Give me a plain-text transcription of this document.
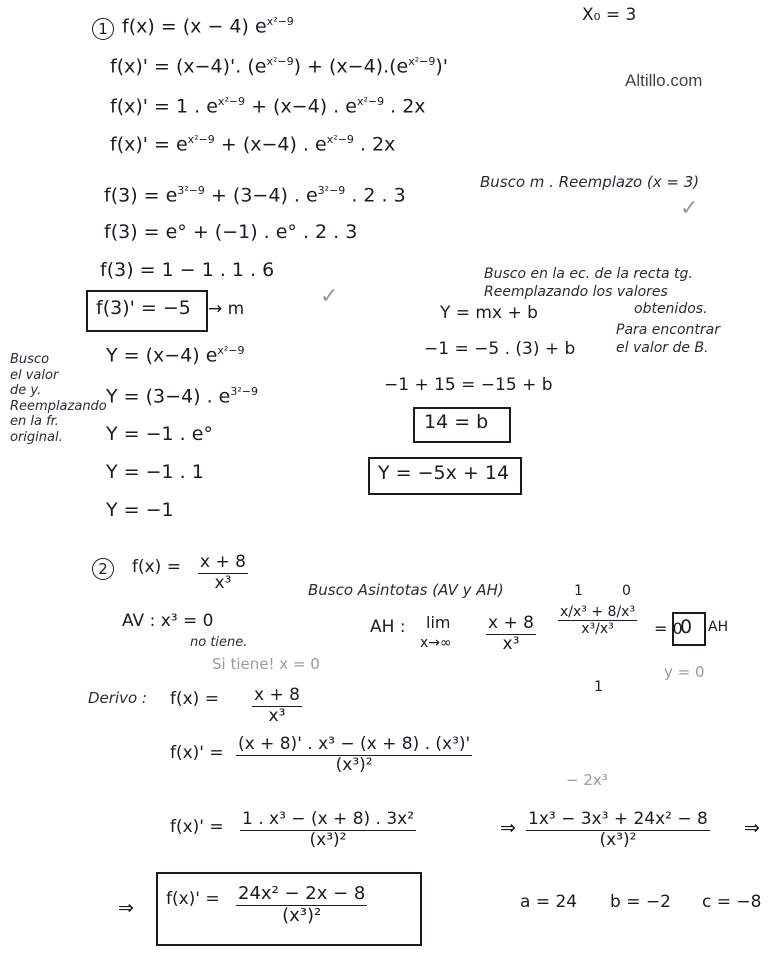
X₀ = 3
Altillo.com
1 f(x) = (x − 4) $e^{x^2-9}$
f(x)' = (x−4)'. $(e^{x^2-9}) + (x-4).(e^{x^2-9})'$
f(x)' = 1 . $e^{x^2-9} + (x-4)$ . $e^{x^2-9}$ . 2x
$f(x)' = e^{x^2-9} + (x-4)$ . $e^{x^2-9}$ . 2x
$f(3) = e^{3^2-9} + (3-4)$ . $e^{3^2-9}$ . 2 . 3
Busco m . Reemplazo (x = 3)
✓
f(3) = e° + (−1) . e° . 2 . 3
f(3) = 1 − 1 . 1 . 6
f(3)' = −5 → m	✓
Busco en la ec. de la recta tg.
Reemplazando los valores
obtenidos.
Y = mx + b
Para encontrar
el valor de B.
−1 = −5 . (3) + b
−1 + 15 = −15 + b
14 = b
Y = −5x + 14
Busco
el valor
de y.
Reemplazando
en la fr.
original.
Y = (x−4) $e^{x^2-9}$
Y = (3−4) . $e^{3^2-9}$
Y = −1 . e°
Y = −1 . 1
Y = −1
2	$f(x) = \frac{x + 8}{\text{x³}}$	Busco Asintotas (AV y AH)
AV : x³ = 0
no tiene.
Si tiene! x = 0
AH : lim
$x\to\infty \frac{x + 8}{\text{x³}}$
1	0
$\frac{\text{x/x³ + 8/x³}}{\text{x³/x³}}$
1
= 0
0 AH
y = 0
Derivo : $f(x) = \frac{x + 8}{\text{x³}}$
$f(x)' = \frac{\text{(x + 8)' . x³ − (x + 8) . (x³)'}}{\text{(x³)²}}$
− 2x³
$f(x)' = \frac{\text{1 . x³ − (x + 8) . 3x²}}{\text{(x³)²}}$	⇒ $\frac{\text{1x³ − 3x³ + 24x² − 8}}{\text{(x³)²}}$ ⇒
⇒ $f(x)' = \frac{\text{24x² − 2x − 8}}{\text{(x³)²}}$	a = 24 b = −2 c = −8
